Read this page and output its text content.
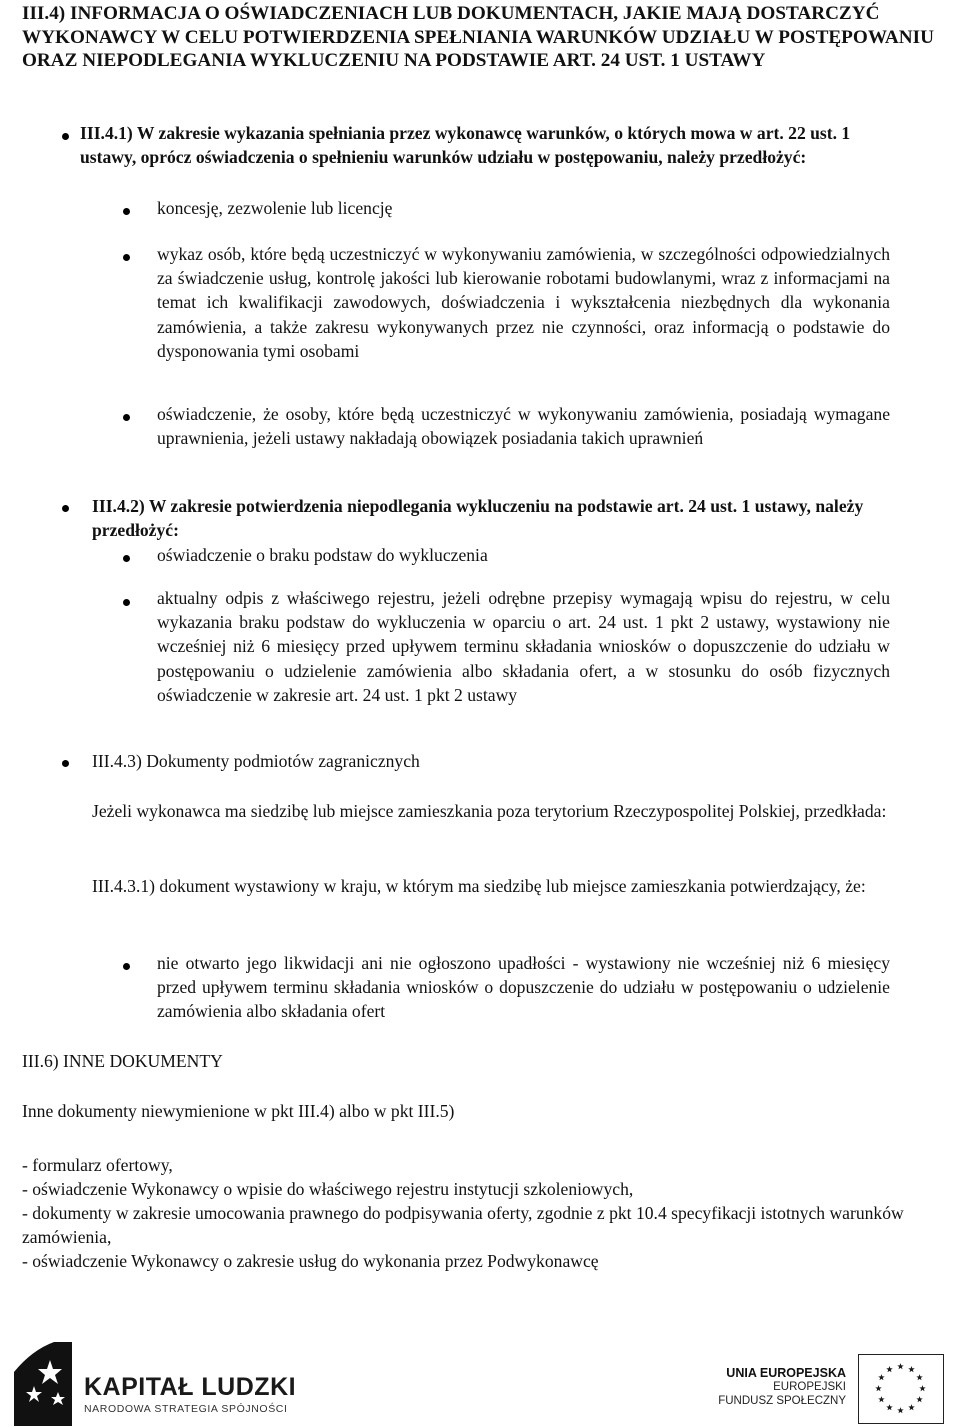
III.4) INFORMACJA O OŚWIADCZENIACH LUB DOKUMENTACH, JAKIE MAJĄ DOSTARCZYĆ WYKONAWCY W CELU POTWIERDZENIA SPEŁNIANIA WARUNKÓW UDZIAŁU W POSTĘPOWANIU ORAZ NIEPODLEGANIA WYKLUCZENIU NA PODSTAWIE ART. 24 UST. 1 USTAWY
III.4.1) W zakresie wykazania spełniania przez wykonawcę warunków, o których mowa w art. 22 ust. 1 ustawy, oprócz oświadczenia o spełnieniu warunków udziału w postępowaniu, należy przedłożyć:
koncesję, zezwolenie lub licencję
wykaz osób, które będą uczestniczyć w wykonywaniu zamówienia, w szczególności odpowiedzialnych za świadczenie usług, kontrolę jakości lub kierowanie robotami budowlanymi, wraz z informacjami na temat ich kwalifikacji zawodowych, doświadczenia i wykształcenia niezbędnych dla wykonania zamówienia, a także zakresu wykonywanych przez nie czynności, oraz informacją o podstawie do dysponowania tymi osobami
oświadczenie, że osoby, które będą uczestniczyć w wykonywaniu zamówienia, posiadają wymagane uprawnienia, jeżeli ustawy nakładają obowiązek posiadania takich uprawnień
III.4.2) W zakresie potwierdzenia niepodlegania wykluczeniu na podstawie art. 24 ust. 1 ustawy, należy przedłożyć:
oświadczenie o braku podstaw do wykluczenia
aktualny odpis z właściwego rejestru, jeżeli odrębne przepisy wymagają wpisu do rejestru, w celu wykazania braku podstaw do wykluczenia w oparciu o art. 24 ust. 1 pkt 2 ustawy, wystawiony nie wcześniej niż 6 miesięcy przed upływem terminu składania wniosków o dopuszczenie do udziału w postępowaniu o udzielenie zamówienia albo składania ofert, a w stosunku do osób fizycznych oświadczenie w zakresie art. 24 ust. 1 pkt 2 ustawy
III.4.3) Dokumenty podmiotów zagranicznych
Jeżeli wykonawca ma siedzibę lub miejsce zamieszkania poza terytorium Rzeczypospolitej Polskiej, przedkłada:
III.4.3.1) dokument wystawiony w kraju, w którym ma siedzibę lub miejsce zamieszkania potwierdzający, że:
nie otwarto jego likwidacji ani nie ogłoszono upadłości - wystawiony nie wcześniej niż 6 miesięcy przed upływem terminu składania wniosków o dopuszczenie do udziału w postępowaniu o udzielenie zamówienia albo składania ofert
III.6) INNE DOKUMENTY
Inne dokumenty niewymienione w pkt III.4) albo w pkt III.5)
- formularz ofertowy,
- oświadczenie Wykonawcy o wpisie do właściwego rejestru instytucji szkoleniowych,
- dokumenty w zakresie umocowania prawnego do podpisywania oferty, zgodnie z pkt 10.4 specyfikacji istotnych warunków zamówienia,
- oświadczenie Wykonawcy o zakresie usług do wykonania przez Podwykonawcę
KAPITAŁ LUDZKI
NARODOWA STRATEGIA SPÓJNOŚCI
UNIA EUROPEJSKA
EUROPEJSKI
FUNDUSZ SPOŁECZNY
